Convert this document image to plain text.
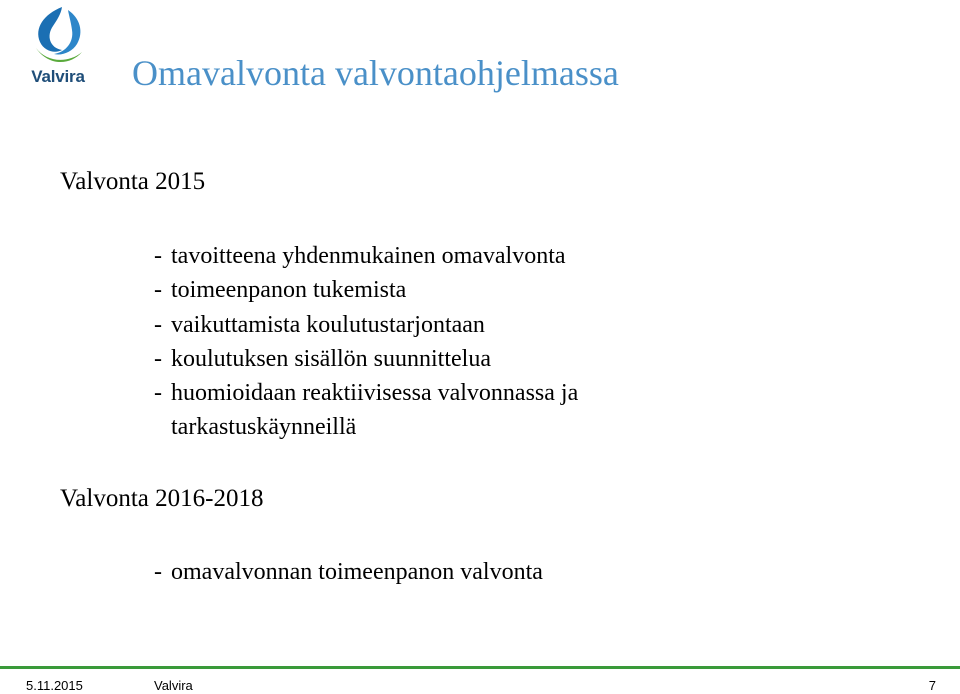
Valvira Omavalvonta valvontaohjelmassa
Valvonta 2015
- tavoitteena yhdenmukainen omavalvonta
- toimeenpanon tukemista
- vaikuttamista koulutustarjontaan
- koulutuksen sisällön suunnittelua
- huomioidaan reaktiivisessa valvonnassa ja
tarkastuskäynneillä
Valvonta 2016-2018
- omavalvonnan toimeenpanon valvonta
5.11.2015	Valvira	7
